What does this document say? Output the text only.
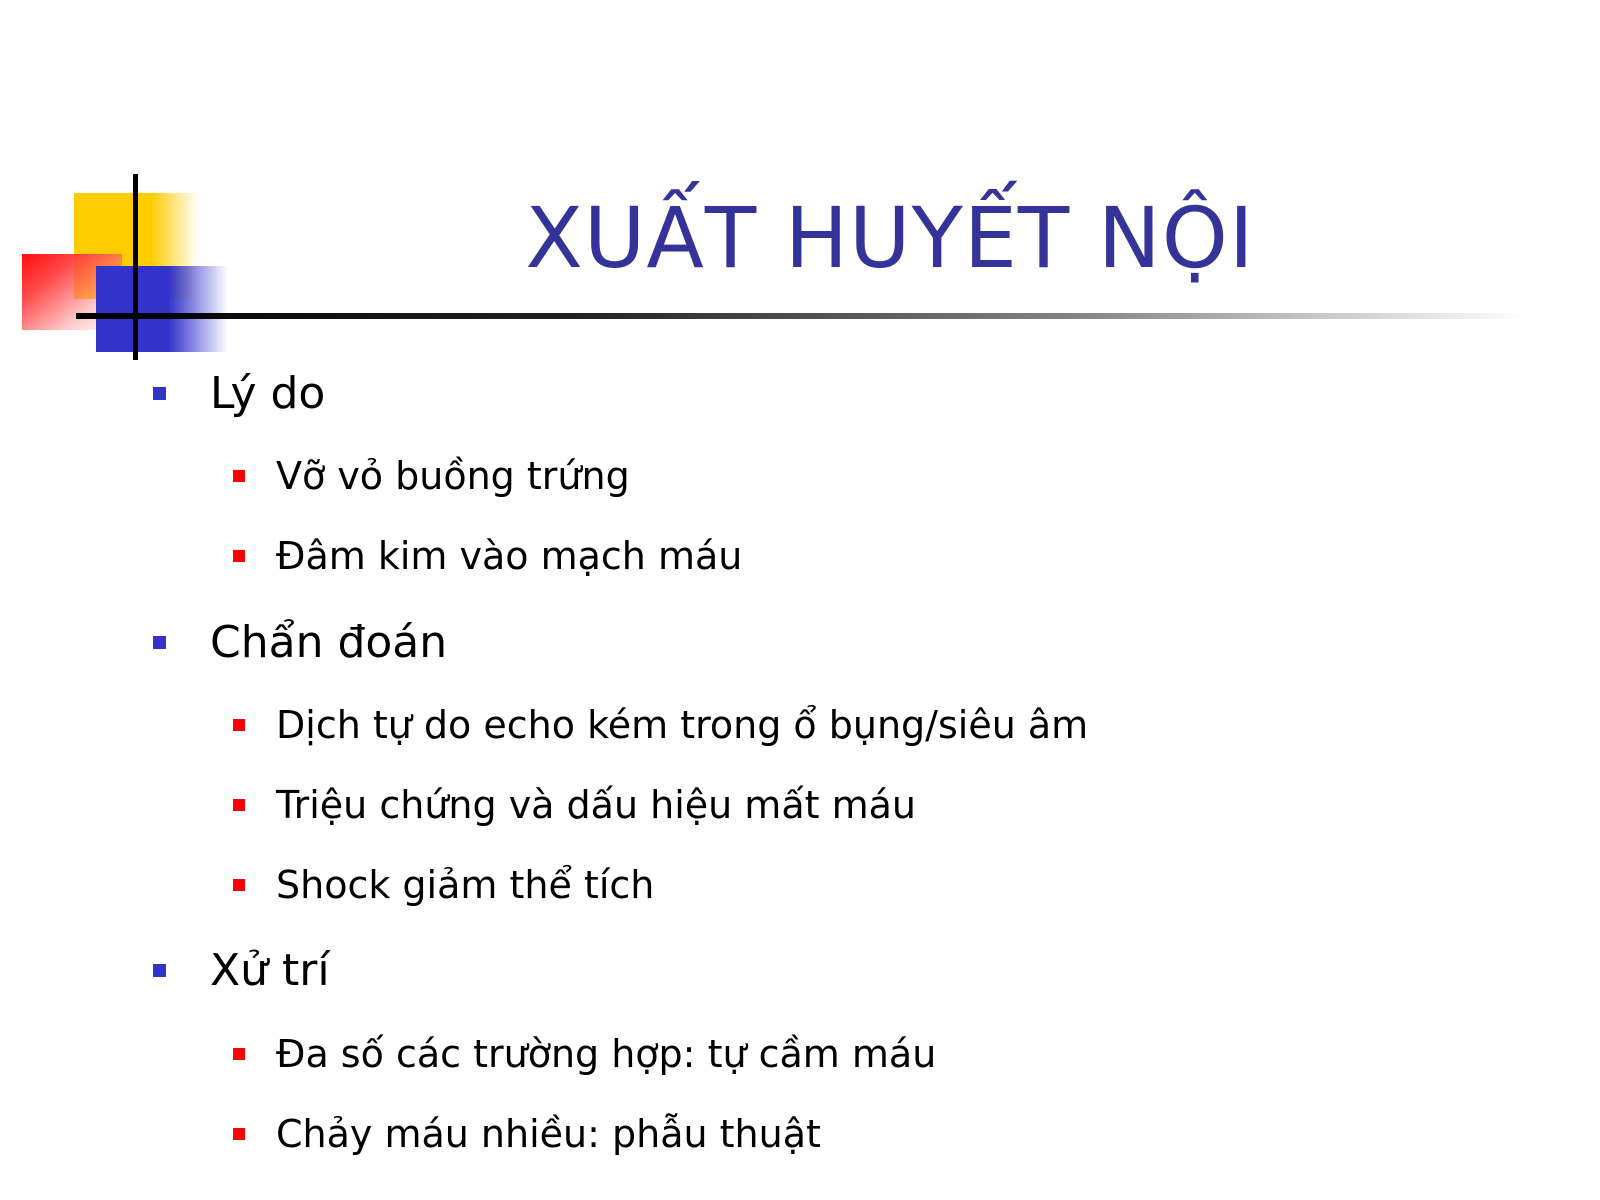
XUẤT HUYẾT NỘI
Lý do
Vỡ vỏ buồng trứng
Đâm kim vào mạch máu
Chẩn đoán
Dịch tự do echo kém trong ổ bụng/siêu âm
Triệu chứng và dấu hiệu mất máu
Shock giảm thể tích
Xử trí
Đa số các trường hợp: tự cầm máu
Chảy máu nhiều: phẫu thuật
